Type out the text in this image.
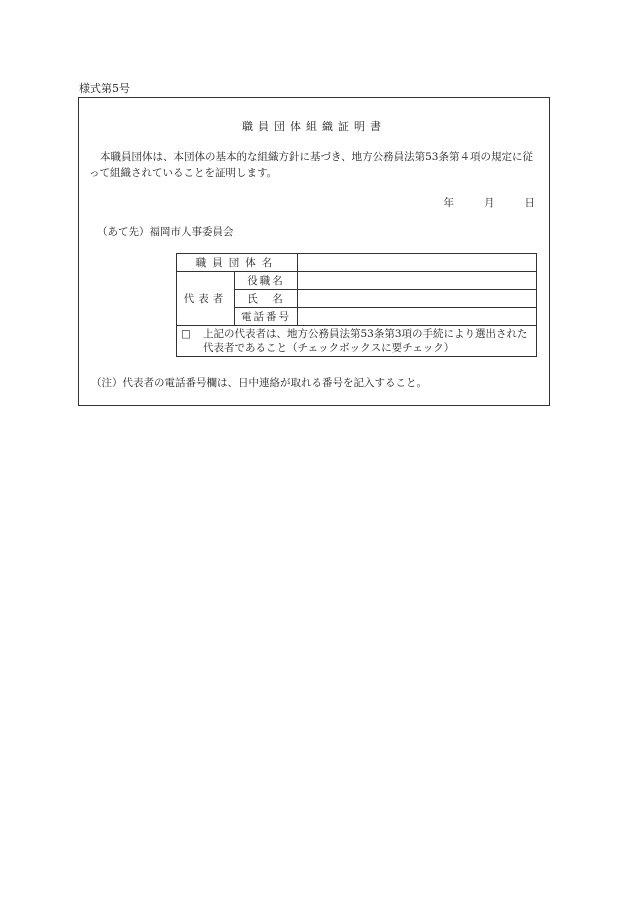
様式第5号
職員団体組織証明書
本職員団体は、本団体の基本的な組織方針に基づき、地方公務員法第53条第４項の規定に従って組織されていることを証明します。
年	月	日
（あて先）福岡市人事委員会
職員団体名		
代表者	役職名	
	氏　名	
	電話番号	

□ 上記の代表者は、地方公務員法第53条第3項の手続により選出された代表者であること（チェックボックスに要チェック）		
（注）代表者の電話番号欄は、日中連絡が取れる番号を記入すること。
